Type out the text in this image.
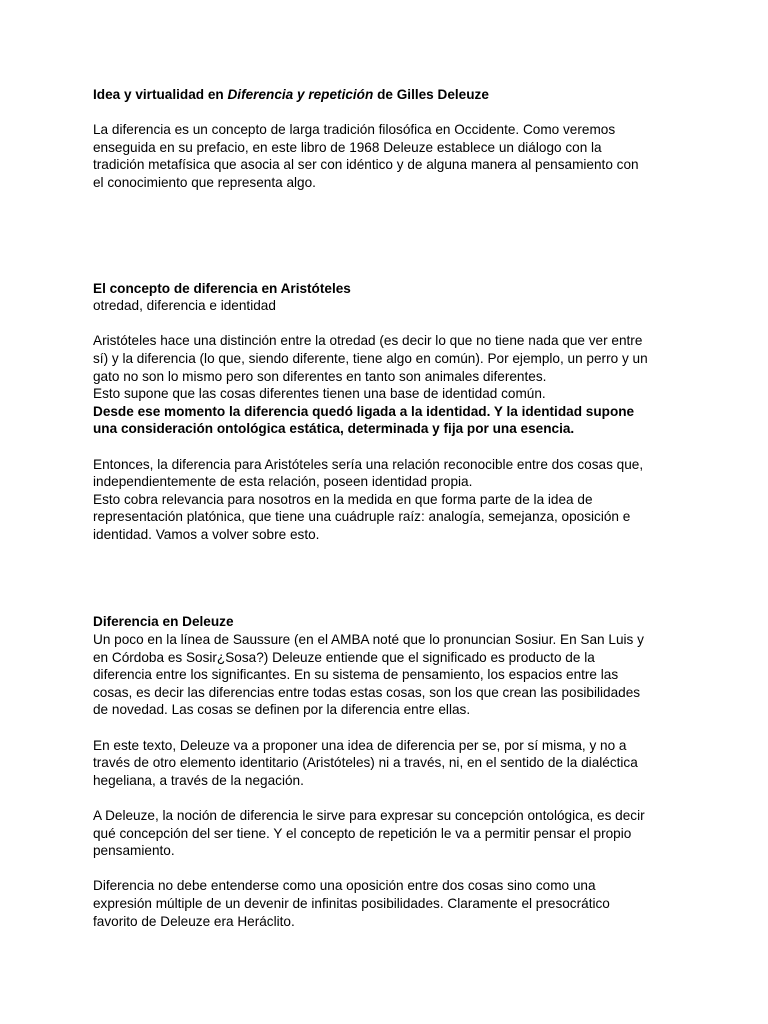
Idea y virtualidad en Diferencia y repetición de Gilles Deleuze

La diferencia es un concepto de larga tradición filosófica en Occidente. Como veremos
enseguida en su prefacio, en este libro de 1968 Deleuze establece un diálogo con la
tradición metafísica que asocia al ser con idéntico y de alguna manera al pensamiento con
el conocimiento que representa algo.

El concepto de diferencia en Aristóteles

otredad, diferencia e identidad

Aristóteles hace una distinción entre la otredad (es decir lo que no tiene nada que ver entre
sí) y la diferencia (lo que, siendo diferente, tiene algo en común). Por ejemplo, un perro y un
gato no son lo mismo pero son diferentes en tanto son animales diferentes.
Esto supone que las cosas diferentes tienen una base de identidad común.
Desde ese momento la diferencia quedó ligada a la identidad. Y la identidad supone
una consideración ontológica estática, determinada y fija por una esencia.

Entonces, la diferencia para Aristóteles sería una relación reconocible entre dos cosas que,
independientemente de esta relación, poseen identidad propia.
Esto cobra relevancia para nosotros en la medida en que forma parte de la idea de
representación platónica, que tiene una cuádruple raíz: analogía, semejanza, oposición e
identidad. Vamos a volver sobre esto.

Diferencia en Deleuze

Un poco en la línea de Saussure (en el AMBA noté que lo pronuncian Sosiur. En San Luis y
en Córdoba es Sosir¿Sosa?) Deleuze entiende que el significado es producto de la
diferencia entre los significantes. En su sistema de pensamiento, los espacios entre las
cosas, es decir las diferencias entre todas estas cosas, son los que crean las posibilidades
de novedad. Las cosas se definen por la diferencia entre ellas.

En este texto, Deleuze va a proponer una idea de diferencia per se, por sí misma, y no a
través de otro elemento identitario (Aristóteles) ni a través, ni, en el sentido de la dialéctica
hegeliana, a través de la negación.

A Deleuze, la noción de diferencia le sirve para expresar su concepción ontológica, es decir
qué concepción del ser tiene. Y el concepto de repetición le va a permitir pensar el propio
pensamiento.

Diferencia no debe entenderse como una oposición entre dos cosas sino como una
expresión múltiple de un devenir de infinitas posibilidades. Claramente el presocrático
favorito de Deleuze era Heráclito.
